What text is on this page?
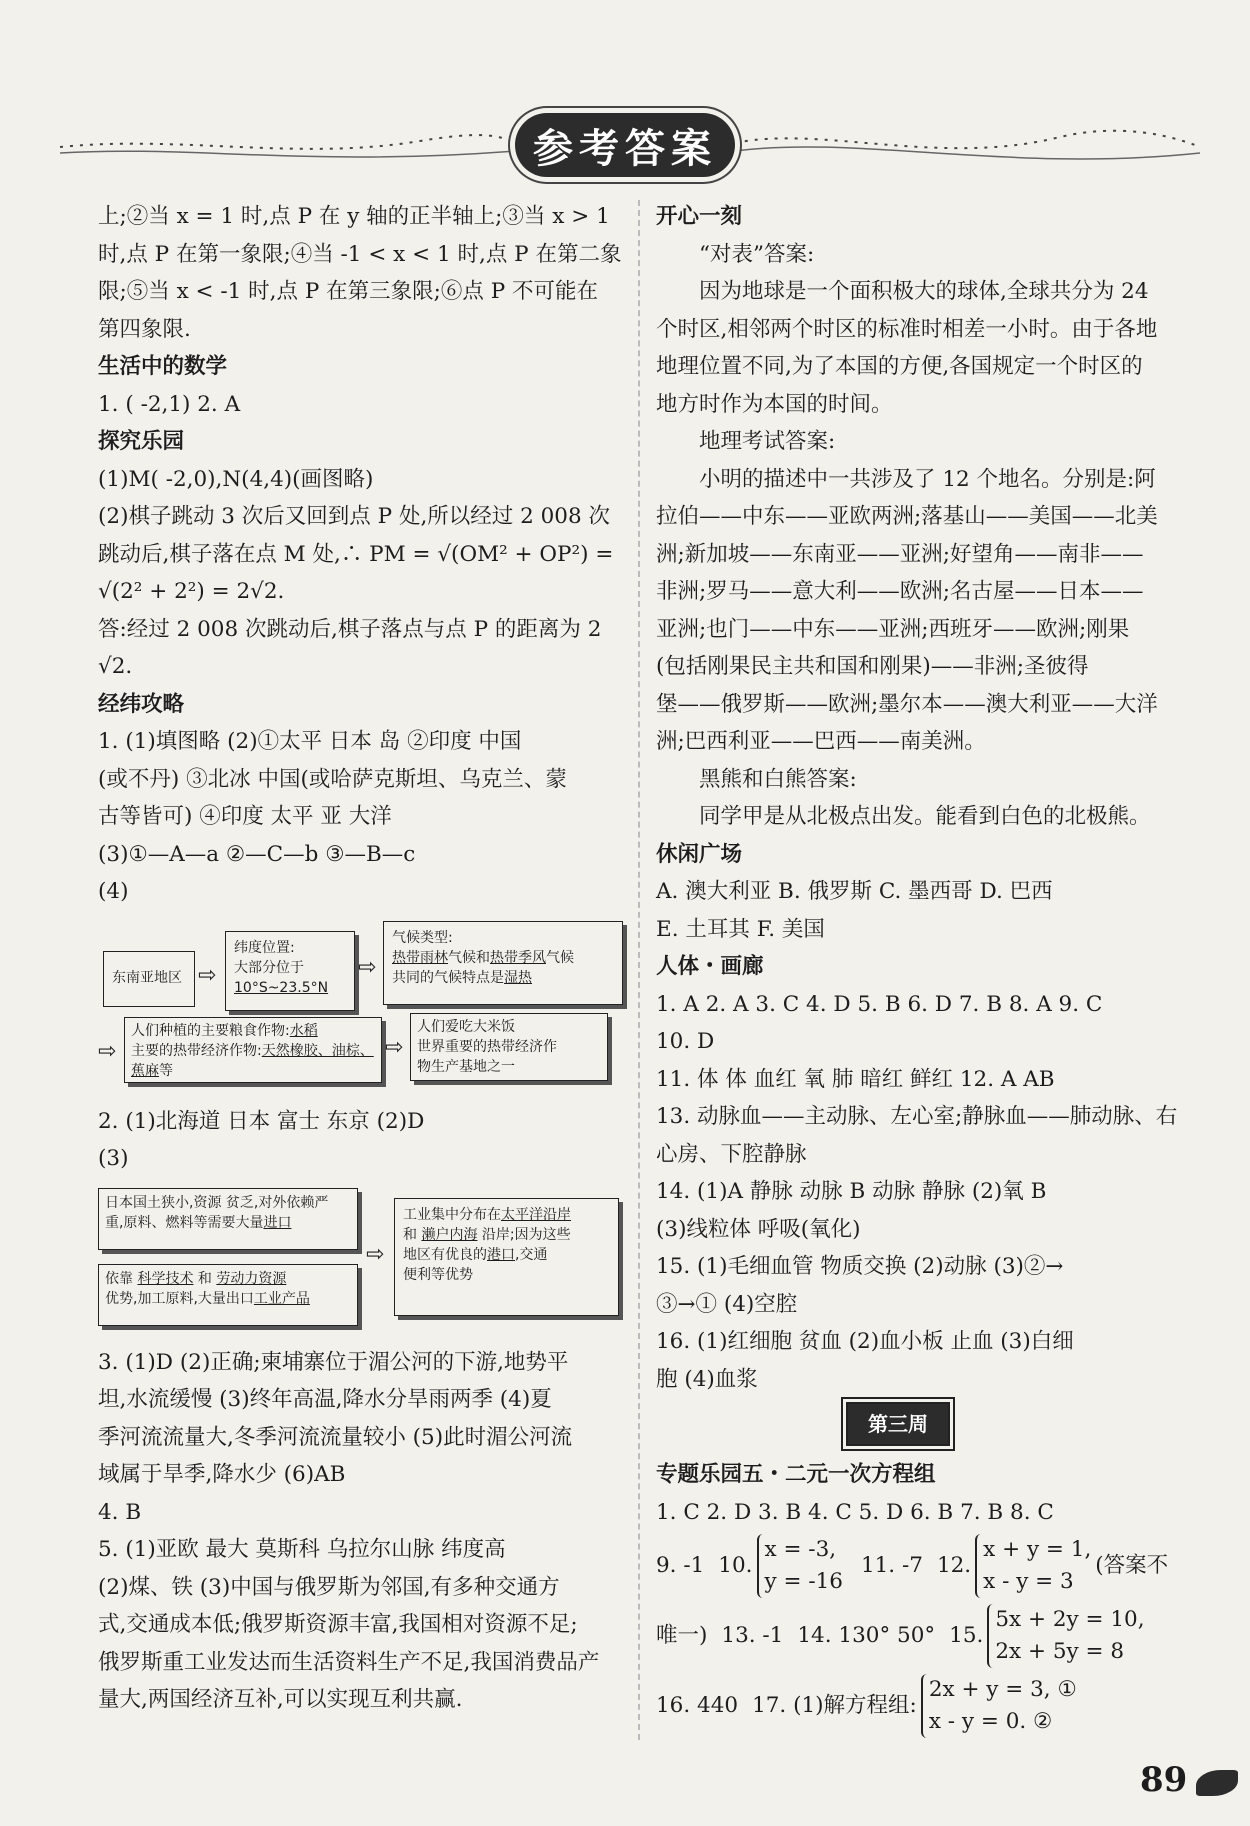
参考答案

上;②当 x = 1 时,点 P 在 y 轴的正半轴上;③当 x > 1

时,点 P 在第一象限;④当 -1 < x < 1 时,点 P 在第二象

限;⑤当 x < -1 时,点 P 在第三象限;⑥点 P 不可能在

第四象限.

生活中的数学

1. ( -2,1) 2. A

探究乐园

(1)M( -2,0),N(4,4)(画图略)

(2)棋子跳动 3 次后又回到点 P 处,所以经过 2 008 次

跳动后,棋子落在点 M 处,∴ PM = √(OM² + OP²) =

√(2² + 2²) = 2√2.

答:经过 2 008 次跳动后,棋子落点与点 P 的距离为 2 √2.

经纬攻略

1. (1)填图略 (2)①太平 日本 岛 ②印度 中国

(或不丹) ③北冰 中国(或哈萨克斯坦、乌克兰、蒙

古等皆可) ④印度 太平 亚 大洋

(3)①—A—a ②—C—b ③—B—c

(4)

东南亚地区 ⇨
纬度位置:
大部分位于
10°S~23.5°N
⇨
气候类型:
热带雨林气候和热带季风气候
共同的气候特点是湿热
⇨
人们种植的主要粮食作物:水稻
主要的热带经济作物:天然橡胶、油棕、
蕉麻等
⇨
人们爱吃大米饭
世界重要的热带经济作
物生产基地之一

2. (1)北海道 日本 富士 东京 (2)D

(3)

日本国土狭小,资源 贫乏,对外依赖严
重,原料、燃料等需要大量进口
依靠 科学技术 和 劳动力资源
优势,加工原料,大量出口工业产品
⇨
工业集中分布在太平洋沿岸
和 濑户内海 沿岸;因为这些
地区有优良的港口,交通
便利等优势

3. (1)D (2)正确;柬埔寨位于湄公河的下游,地势平

坦,水流缓慢 (3)终年高温,降水分旱雨两季 (4)夏

季河流流量大,冬季河流流量较小 (5)此时湄公河流

域属于旱季,降水少 (6)AB

4. B

5. (1)亚欧 最大 莫斯科 乌拉尔山脉 纬度高

(2)煤、铁 (3)中国与俄罗斯为邻国,有多种交通方

式,交通成本低;俄罗斯资源丰富,我国相对资源不足;

俄罗斯重工业发达而生活资料生产不足,我国消费品产

量大,两国经济互补,可以实现互利共赢.

开心一刻

“对表”答案:

因为地球是一个面积极大的球体,全球共分为 24

个时区,相邻两个时区的标准时相差一小时。由于各地

地理位置不同,为了本国的方便,各国规定一个时区的

地方时作为本国的时间。

地理考试答案:

小明的描述中一共涉及了 12 个地名。分别是:阿

拉伯——中东——亚欧两洲;落基山——美国——北美

洲;新加坡——东南亚——亚洲;好望角——南非——

非洲;罗马——意大利——欧洲;名古屋——日本——

亚洲;也门——中东——亚洲;西班牙——欧洲;刚果

(包括刚果民主共和国和刚果)——非洲;圣彼得

堡——俄罗斯——欧洲;墨尔本——澳大利亚——大洋

洲;巴西利亚——巴西——南美洲。

黑熊和白熊答案:

同学甲是从北极点出发。能看到白色的北极熊。

休闲广场

A. 澳大利亚 B. 俄罗斯 C. 墨西哥 D. 巴西

E. 土耳其 F. 美国

人体・画廊

1. A 2. A 3. C 4. D 5. B 6. D 7. B 8. A 9. C

10. D

11. 体 体 血红 氧 肺 暗红 鲜红 12. A AB

13. 动脉血——主动脉、左心室;静脉血——肺动脉、右

心房、下腔静脉

14. (1)A 静脉 动脉 B 动脉 静脉 (2)氧 B

(3)线粒体 呼吸(氧化)

15. (1)毛细血管 物质交换 (2)动脉 (3)②→

③→① (4)空腔

16. (1)红细胞 贫血 (2)血小板 止血 (3)白细

胞 (4)血浆

第三周

专题乐园五・二元一次方程组

1. C 2. D 3. B 4. C 5. D 6. B 7. B 8. C

9. -1 10.
x = -3,
y = -16
11. -7 12.
x + y = 1,
x - y = 3
(答案不

唯一) 13. -1 14. 130° 50° 15.
5x + 2y = 10,
2x + 5y = 8

16. 440 17. (1)解方程组:
2x + y = 3, ①
x - y = 0. ②

89
